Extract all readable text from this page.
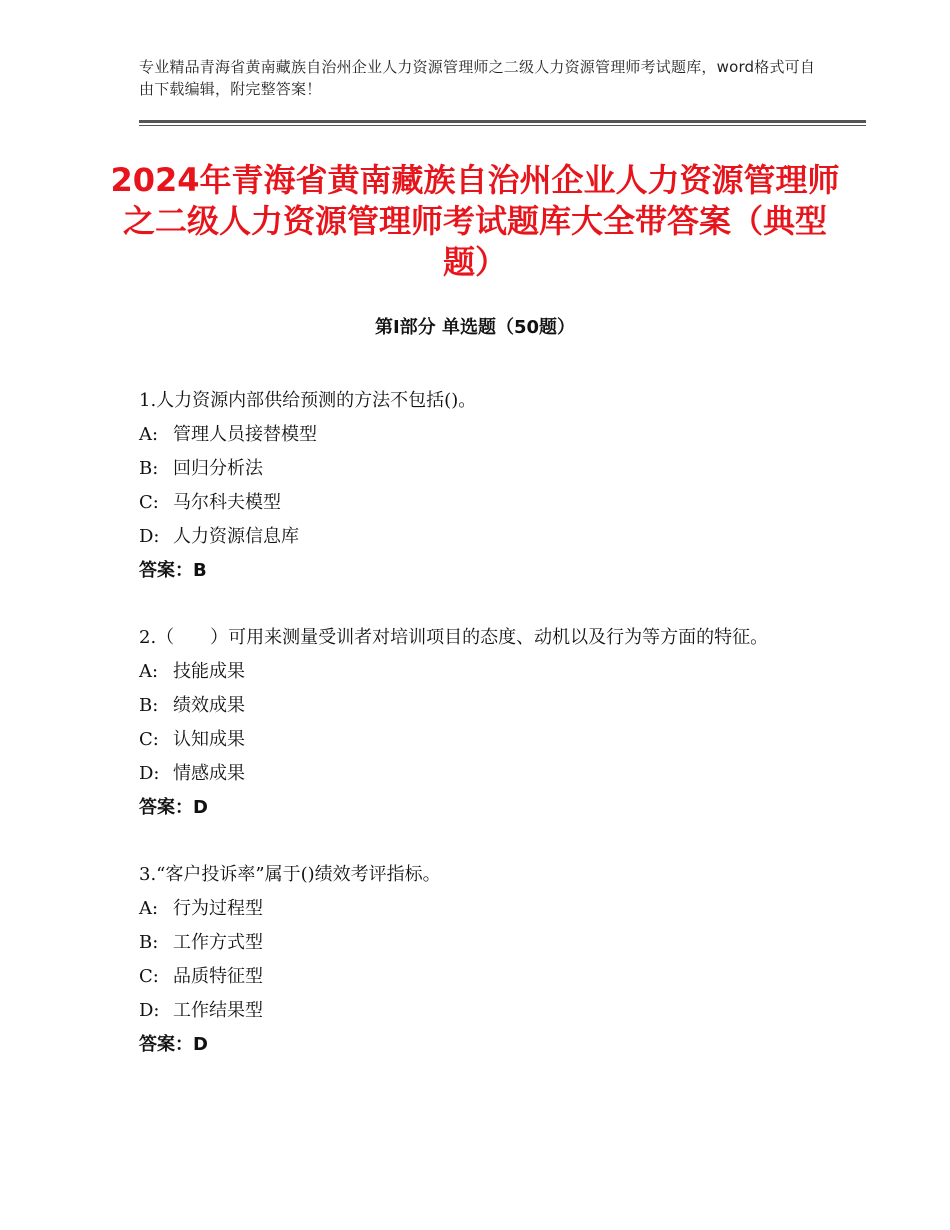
专业精品青海省黄南藏族自治州企业人力资源管理师之二级人力资源管理师考试题库，word格式可自由下载编辑，附完整答案！
2024年青海省黄南藏族自治州企业人力资源管理师之二级人力资源管理师考试题库大全带答案（典型题）
第Ⅰ部分 单选题（50题）
1.人力资源内部供给预测的方法不包括()。
A: 管理人员接替模型
B: 回归分析法
C: 马尔科夫模型
D: 人力资源信息库
答案：B
2.（　　）可用来测量受训者对培训项目的态度、动机以及行为等方面的特征。
A: 技能成果
B: 绩效成果
C: 认知成果
D: 情感成果
答案：D
3.“客户投诉率”属于()绩效考评指标。
A: 行为过程型
B: 工作方式型
C: 品质特征型
D: 工作结果型
答案：D
